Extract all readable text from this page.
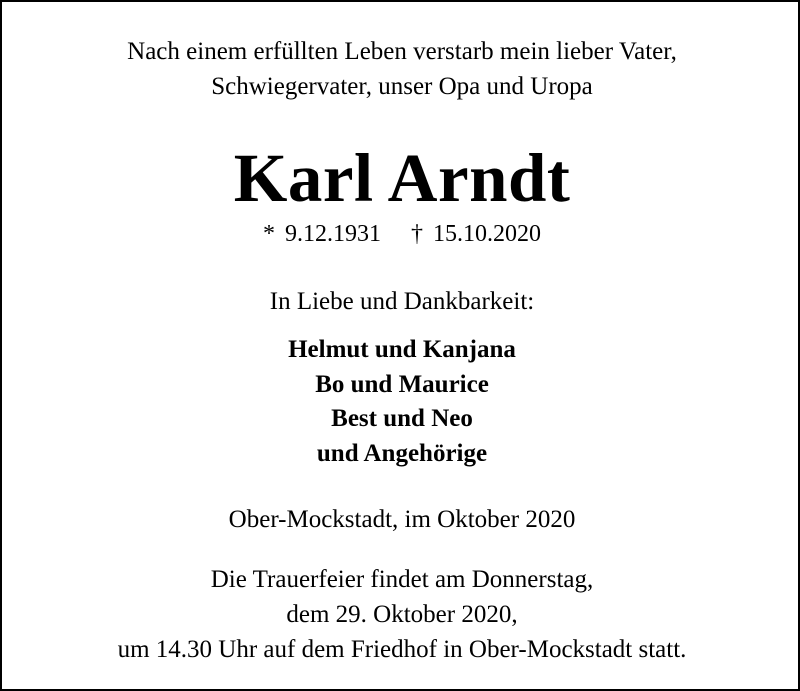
Nach einem erfüllten Leben verstarb mein lieber Vater,
Schwiegervater, unser Opa und Uropa
Karl Arndt
* 9.12.1931 † 15.10.2020
In Liebe und Dankbarkeit:
Helmut und Kanjana
Bo und Maurice
Best und Neo
und Angehörige
Ober-Mockstadt, im Oktober 2020
Die Trauerfeier findet am Donnerstag,
dem 29. Oktober 2020,
um 14.30 Uhr auf dem Friedhof in Ober-Mockstadt statt.
